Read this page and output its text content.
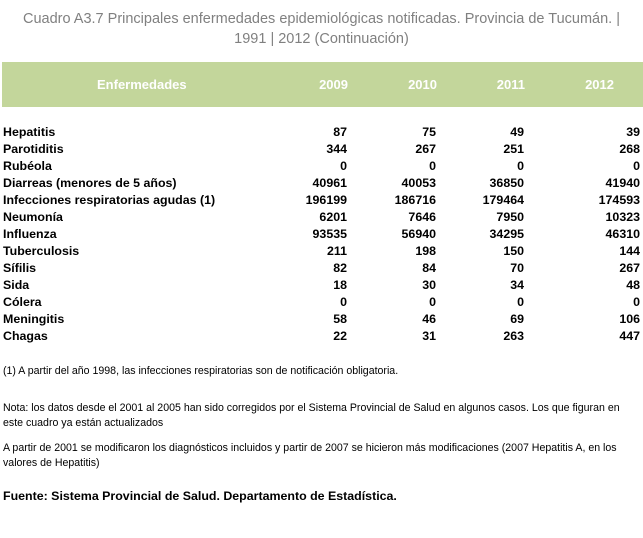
Cuadro A3.7 Principales enfermedades epidemiológicas notificadas. Provincia de Tucumán. |
1991 | 2012 (Continuación)
Enfermedades	2009	2010	2011	2012
Hepatitis	87	75	49	39
Parotiditis	344	267	251	268
Rubéola	0	0	0	0
Diarreas (menores de 5 años)	40961	40053	36850	41940
Infecciones respiratorias agudas (1)	196199	186716	179464	174593
Neumonía	6201	7646	7950	10323
Influenza	93535	56940	34295	46310
Tuberculosis	211	198	150	144
Sífilis	82	84	70	267
Sida	18	30	34	48
Cólera	0	0	0	0
Meningitis	58	46	69	106
Chagas	22	31	263	447
(1) A partir del año 1998, las infecciones respiratorias son de notificación obligatoria.
Nota: los datos desde el 2001 al 2005 han sido corregidos por el Sistema Provincial de Salud en algunos casos. Los que figuran en este cuadro ya están actualizados
A partir de 2001 se modificaron los diagnósticos incluidos y partir de 2007 se hicieron más modificaciones (2007 Hepatitis A, en los valores de Hepatitis)
Fuente: Sistema Provincial de Salud. Departamento de Estadística.
